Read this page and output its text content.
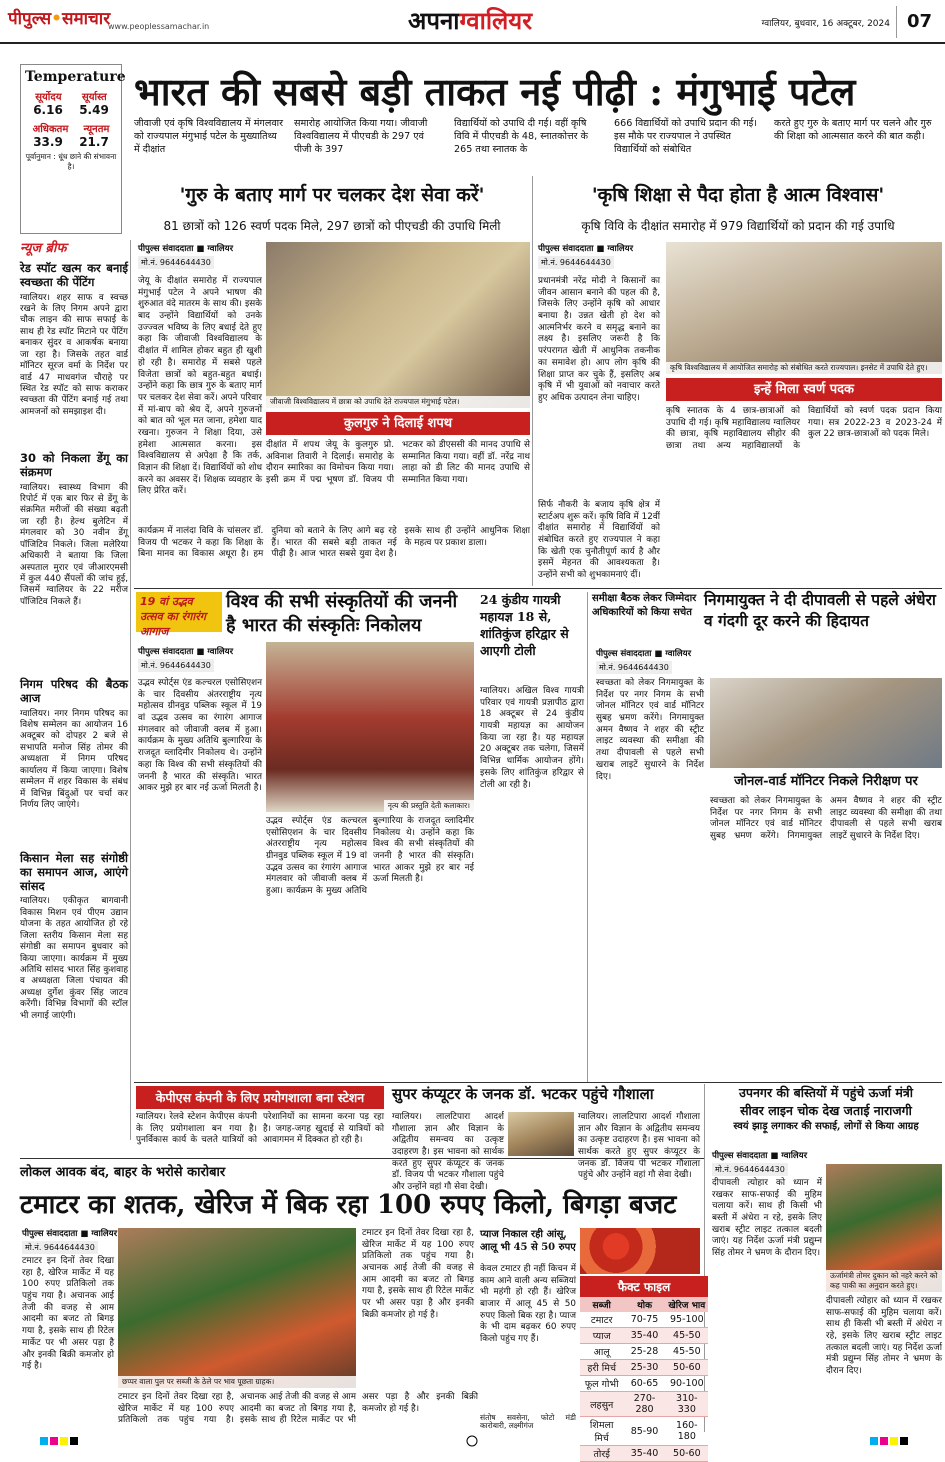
पीपुल्स•समाचार
www.peoplessamachar.in	अपनाग्वालियर	ग्वालियर, बुधवार, 16 अक्टूबर, 2024 07
Temperature
सूर्योदय सूर्यास्त
6.16 5.49
अधिकतम न्यूनतम
33.9 21.7
पूर्वानुमान : धूंध छाने की संभावना है।
भारत की सबसे बड़ी ताकत नई पीढ़ी : मंगुभाई पटेल
जीवाजी एवं कृषि विश्वविद्यालय में मंगलवार को राज्यपाल मंगुभाई पटेल के मुख्यातिथ्य में दीक्षांत
समारोह आयोजित किया गया। जीवाजी विश्वविद्यालय में पीएचडी के 297 एवं पीजी के 397
विद्यार्थियों को उपाधि दी गई। वहीं कृषि विवि में पीएचडी के 48, स्नातकोत्तर के 265 तथा स्नातक के
666 विद्यार्थियों को उपाधि प्रदान की गई। इस मौके पर राज्यपाल ने उपस्थित विद्यार्थियों को संबोधित
करते हुए गुरु के बताए मार्ग पर चलने और गुरु की शिक्षा को आत्मसात करने की बात कही।
'गुरु के बताए मार्ग पर चलकर देश सेवा करें'	'कृषि शिक्षा से पैदा होता है आत्म विश्वास'
81 छात्रों को 126 स्वर्ण पदक मिले, 297 छात्रों को पीएचडी की उपाधि मिली	कृषि विवि के दीक्षांत समारोह में 979 विद्यार्थियों को प्रदान की गई उपाधि
न्यूज ब्रीफ
रेड स्पॉट खत्म कर बनाई स्वच्छता की पेंटिंग
ग्वालियर। शहर साफ व स्वच्छ रखने के लिए निगम अपने द्वारा चौक लाइन की साफ सफाई के साथ ही रेड स्पॉट मिटाने पर पेंटिंग बनाकर सुंदर व आकर्षक बनाया जा रहा है। जिसके तहत वार्ड मॉनिटर सूरज वर्मा के निर्देश पर वार्ड 47 माधवगंज चौराहे पर स्थित रेड स्पॉट को साफ कराकर स्वच्छता की पेंटिंग बनाई गई तथा आमजनों को समझाइश दी।
30 को निकला डेंगू का संक्रमण
ग्वालियर। स्वास्थ्य विभाग की रिपोर्ट में एक बार फिर से डेंगू के संक्रमित मरीजों की संख्या बढ़ती जा रही है। हेल्थ बुलेटिन में मंगलवार को 30 नवीन डेंगू पॉजिटिव निकले। जिला मलेरिया अधिकारी ने बताया कि जिला अस्पताल मुरार एवं जीआरएमसी में कुल 440 सैंपलों की जांच हुई, जिसमें ग्वालियर के 22 मरीज पॉजिटिव निकले हैं।
निगम परिषद की बैठक आज
ग्वालियर। नगर निगम परिषद का विशेष सम्मेलन का आयोजन 16 अक्टूबर को दोपहर 2 बजे से सभापति मनोज सिंह तोमर की अध्यक्षता में निगम परिषद कार्यालय में किया जाएगा। विशेष सम्मेलन में शहर विकास के संबंध में विभिन्न बिंदुओं पर चर्चा कर निर्णय लिए जाएंगे।
किसान मेला सह संगोष्ठी का समापन आज, आएंगे सांसद
ग्वालियर। एकीकृत बागवानी विकास मिशन एवं पीएम उद्यान योजना के तहत आयोजित हो रहे जिला स्तरीय किसान मेला सह संगोष्ठी का समापन बुधवार को किया जाएगा। कार्यक्रम में मुख्य अतिथि सांसद भारत सिंह कुशवाह व अध्यक्षता जिला पंचायत की अध्यक्ष दुर्गेश कुंवर सिंह जाटव करेंगी। विभिन्न विभागों की स्टॉल भी लगाई जाएंगी।
पीपुल्स संवाददाता ■ ग्वालियर
मो.नं. 9644644430
जीवाजी विश्वविद्यालय में छात्रा को उपाधि देते राज्यपाल मंगुभाई पटेल।
कुलगुरु ने दिलाई शपथ
दीक्षांत में शपथ जेयू के कुलगुरु प्रो. अविनाश तिवारी ने दिलाई। समारोह के दौरान स्मारिका का विमोचन किया गया। इसी क्रम में पद्म भूषण डॉ. विजय पी भटकर को डीएससी की मानद उपाधि से सम्मानित किया गया। वहीं डॉ. नरेंद्र नाथ लाहा को डी लिट की मानद उपाधि से सम्मानित किया गया।
जेयू के दीक्षांत समारोह में राज्यपाल मंगुभाई पटेल ने अपने भाषण की शुरुआत वंदे मातरम के साथ की। इसके बाद उन्होंने विद्यार्थियों को उनके उज्ज्वल भविष्य के लिए बधाई देते हुए कहा कि जीवाजी विश्वविद्यालय के दीक्षांत में शामिल होकर बहुत ही खुशी हो रही है। समारोह में सबसे पहले विजेता छात्रों को बहुत-बहुत बधाई। उन्होंने कहा कि छात्र गुरु के बताए मार्ग पर चलकर देश सेवा करें। अपने परिवार में मां-बाप को श्रेय दें, अपने गुरुजनों को बात को भूल मत जाना, हमेशा याद रखना। गुरुजन ने शिक्षा दिया, उसे हमेशा आत्मसात करना। इस विश्वविद्यालय से अपेक्षा है कि तर्क, विज्ञान की शिक्षा दें। विद्यार्थियों को शोध करने का अवसर दें। शिक्षक व्यवहार के लिए प्रेरित करें।
कार्यक्रम में नालंदा विवि के चांसलर डॉ. विजय पी भटकर ने कहा कि शिक्षा के बिना मानव का विकास अधूरा है। हम दुनिया को बताने के लिए आगे बढ़ रहे हैं। भारत की सबसे बड़ी ताकत नई पीढ़ी है। आज भारत सबसे युवा देश है। इसके साथ ही उन्होंने आधुनिक शिक्षा के महत्व पर प्रकाश डाला।
पीपुल्स संवाददाता ■ ग्वालियर
मो.नं. 9644644430
प्रधानमंत्री नरेंद्र मोदी ने किसानों का जीवन आसान बनाने की पहल की है, जिसके लिए उन्होंने कृषि को आधार बनाया है। उन्नत खेती हो देश को आत्मनिर्भर करने व समृद्ध बनाने का लक्ष्य है। इसलिए जरूरी है कि परंपरागत खेती में आधुनिक तकनीक का समावेश हो। आप लोग कृषि की शिक्षा प्राप्त कर चुके हैं, इसलिए अब कृषि में भी युवाओं को नवाचार करते हुए अधिक उत्पादन लेना चाहिए।
सिर्फ नौकरी के बजाय कृषि क्षेत्र में स्टार्टअप शुरू करें। कृषि विवि में 12वीं दीक्षांत समारोह में विद्यार्थियों को संबोधित करते हुए राज्यपाल ने कहा कि खेती एक चुनौतीपूर्ण कार्य है और इसमें मेहनत की आवश्यकता है। उन्होंने सभी को शुभकामनाएं दीं।
कृषि विश्वविद्यालय में आयोजित समारोह को संबोधित करते राज्यपाल। इनसेट में उपाधि देते हुए।
इन्हें मिला स्वर्ण पदक
कृषि स्नातक के 4 छात्र-छात्राओं को उपाधि दी गई। कृषि महाविद्यालय ग्वालियर की छात्रा, कृषि महाविद्यालय सीहोर की छात्रा तथा अन्य महाविद्यालयों के विद्यार्थियों को स्वर्ण पदक प्रदान किया गया। सत्र 2022-23 व 2023-24 में कुल 22 छात्र-छात्राओं को पदक मिले।
19 वां उद्भव उत्सव का रंगारंग आगाज
विश्व की सभी संस्कृतियों की जननी
है भारत की संस्कृतिः निकोलय
पीपुल्स संवाददाता ■ ग्वालियर
मो.नं. 9644644430
नृत्य की प्रस्तुति देती कलाकार।
उद्भव स्पोर्ट्स एंड कल्चरल एसोसिएशन के चार दिवसीय अंतरराष्ट्रीय नृत्य महोत्सव ग्रीनवुड पब्लिक स्कूल में 19 वां उद्भव उत्सव का रंगारंग आगाज मंगलवार को जीवाजी क्लब में हुआ। कार्यक्रम के मुख्य अतिथि बुल्गारिया के राजदूत व्लादिमीर निकोलय थे। उन्होंने कहा कि विश्व की सभी संस्कृतियों की जननी है भारत की संस्कृति। भारत आकर मुझे हर बार नई ऊर्जा मिलती है।
उद्भव स्पोर्ट्स एंड कल्चरल एसोसिएशन के चार दिवसीय अंतरराष्ट्रीय नृत्य महोत्सव ग्रीनवुड पब्लिक स्कूल में 19 वां उद्भव उत्सव का रंगारंग आगाज मंगलवार को जीवाजी क्लब में हुआ। कार्यक्रम के मुख्य अतिथि बुल्गारिया के राजदूत व्लादिमीर निकोलय थे। उन्होंने कहा कि विश्व की सभी संस्कृतियों की जननी है भारत की संस्कृति। भारत आकर मुझे हर बार नई ऊर्जा मिलती है।
24 कुंडीय गायत्री महायज्ञ 18 से, शांतिकुंज हरिद्वार से आएगी टोली
ग्वालियर। अखिल विश्व गायत्री परिवार एवं गायत्री प्रज्ञापीठ द्वारा 18 अक्टूबर से 24 कुंडीय गायत्री महायज्ञ का आयोजन किया जा रहा है। यह महायज्ञ 20 अक्टूबर तक चलेगा, जिसमें विभिन्न धार्मिक आयोजन होंगे। इसके लिए शांतिकुंज हरिद्वार से टोली आ रही है।
समीक्षा बैठक लेकर जिम्मेदार अधिकारियों को किया सचेत
निगमायुक्त ने दी दीपावली से पहले अंधेरा व गंदगी दूर करने की हिदायत
पीपुल्स संवाददाता ■ ग्वालियर
मो.नं. 9644644430
स्वच्छता को लेकर निगमायुक्त के निर्देश पर नगर निगम के सभी जोनल मॉनिटर एवं वार्ड मॉनिटर सुबह भ्रमण करेंगे। निगमायुक्त अमन वैष्णव ने शहर की स्ट्रीट लाइट व्यवस्था की समीक्षा की तथा दीपावली से पहले सभी खराब लाइटें सुधारने के निर्देश दिए।	जोनल-वार्ड मॉनिटर निकले निरीक्षण पर
स्वच्छता को लेकर निगमायुक्त के निर्देश पर नगर निगम के सभी जोनल मॉनिटर एवं वार्ड मॉनिटर सुबह भ्रमण करेंगे। निगमायुक्त अमन वैष्णव ने शहर की स्ट्रीट लाइट व्यवस्था की समीक्षा की तथा दीपावली से पहले सभी खराब लाइटें सुधारने के निर्देश दिए।
केपीएस कंपनी के लिए प्रयोगशाला बना स्टेशन
ग्वालियर। रेलवे स्टेशन केपीएस कंपनी के लिए प्रयोगशाला बन गया है। पुनर्विकास कार्य के चलते यात्रियों को परेशानियों का सामना करना पड़ रहा है। जगह-जगह खुदाई से यात्रियों को आवागमन में दिक्कत हो रही है।
सुपर कंप्यूटर के जनक डॉ. भटकर पहुंचे गौशाला
ग्वालियर। लालटिपारा आदर्श गौशाला ज्ञान और विज्ञान के अद्वितीय समन्वय का उत्कृष्ट उदाहरण है। इस भावना को सार्थक करते हुए सुपर कंप्यूटर के जनक डॉ. विजय पी भटकर गौशाला पहुंचे और उन्होंने वहां गौ सेवा देखी।
ग्वालियर। लालटिपारा आदर्श गौशाला ज्ञान और विज्ञान के अद्वितीय समन्वय का उत्कृष्ट उदाहरण है। इस भावना को सार्थक करते हुए सुपर कंप्यूटर के जनक डॉ. विजय पी भटकर गौशाला पहुंचे और उन्होंने वहां गौ सेवा देखी।
उपनगर की बस्तियों में पहुंचे ऊर्जा मंत्री
सीवर लाइन चोक देख जताई नाराजगी
स्वयं झाड़ू लगाकर की सफाई, लोगों से किया आग्रह
पीपुल्स संवाददाता ■ ग्वालियर
मो.नं. 9644644430
दीपावली त्योहार को ध्यान में रखकर साफ-सफाई की मुहिम चलाया करें। साथ ही किसी भी बस्ती में अंधेरा न रहे, इसके लिए खराब स्ट्रीट लाइट तत्काल बदली जाएं। यह निर्देश ऊर्जा मंत्री प्रद्युम्न सिंह तोमर ने भ्रमण के दौरान दिए।
ऊर्जामंत्री तोमर दुकान को नहरे करने को कह पाकी का अनुदान करते हुए।
दीपावली त्योहार को ध्यान में रखकर साफ-सफाई की मुहिम चलाया करें। साथ ही किसी भी बस्ती में अंधेरा न रहे, इसके लिए खराब स्ट्रीट लाइट तत्काल बदली जाएं। यह निर्देश ऊर्जा मंत्री प्रद्युम्न सिंह तोमर ने भ्रमण के दौरान दिए।
लोकल आवक बंद, बाहर के भरोसे कारोबार
टमाटर का शतक, खेरिज में बिक रहा 100 रुपए किलो, बिगड़ा बजट
पीपुल्स संवाददाता ■ ग्वालियर
मो.नं. 9644644430
टमाटर इन दिनों तेवर दिखा रहा है, खेरिज मार्केट में यह 100 रुपए प्रतिकिलो तक पहुंच गया है। अचानक आई तेजी की वजह से आम आदमी का बजट तो बिगड़ गया है, इसके साथ ही रिटेल मार्केट पर भी असर पड़ा है और इनकी बिक्री कमजोर हो गई है।
छप्पर वाला पुल पर सब्जी के ठेले पर भाव पूछता ग्राहक।
टमाटर इन दिनों तेवर दिखा रहा है, खेरिज मार्केट में यह 100 रुपए प्रतिकिलो तक पहुंच गया है। अचानक आई तेजी की वजह से आम आदमी का बजट तो बिगड़ गया है, इसके साथ ही रिटेल मार्केट पर भी असर पड़ा है और इनकी बिक्री कमजोर हो गई है।
टमाटर इन दिनों तेवर दिखा रहा है, खेरिज मार्केट में यह 100 रुपए प्रतिकिलो तक पहुंच गया है। अचानक आई तेजी की वजह से आम आदमी का बजट तो बिगड़ गया है, इसके साथ ही रिटेल मार्केट पर भी असर पड़ा है और इनकी बिक्री कमजोर हो गई है।
प्याज निकाल रही आंसू, आलू भी 45 से 50 रुपए
केवल टमाटर ही नहीं किचन में काम आने वाली अन्य सब्जियां भी महंगी हो रही हैं। खेरिज बाजार में आलू 45 से 50 रुपए किलो बिक रहा है। प्याज के भी दाम बढ़कर 60 रुपए किलो पहुंच गए हैं।
संतोष सवसेना, फोटो मंडी कारोबारी, लक्ष्मीगंज
फैक्ट फाइल
सब्जी	थोक	खेरिज भाव
टमाटर	70-75	95-100
प्याज	35-40	45-50
आलू	25-28	45-50
हरी मिर्च	25-30	50-60
फूल गोभी	60-65	90-100
लहसुन	270-280	310-330
शिमला मिर्च	85-90	160-180
तोरई	35-40	50-60
